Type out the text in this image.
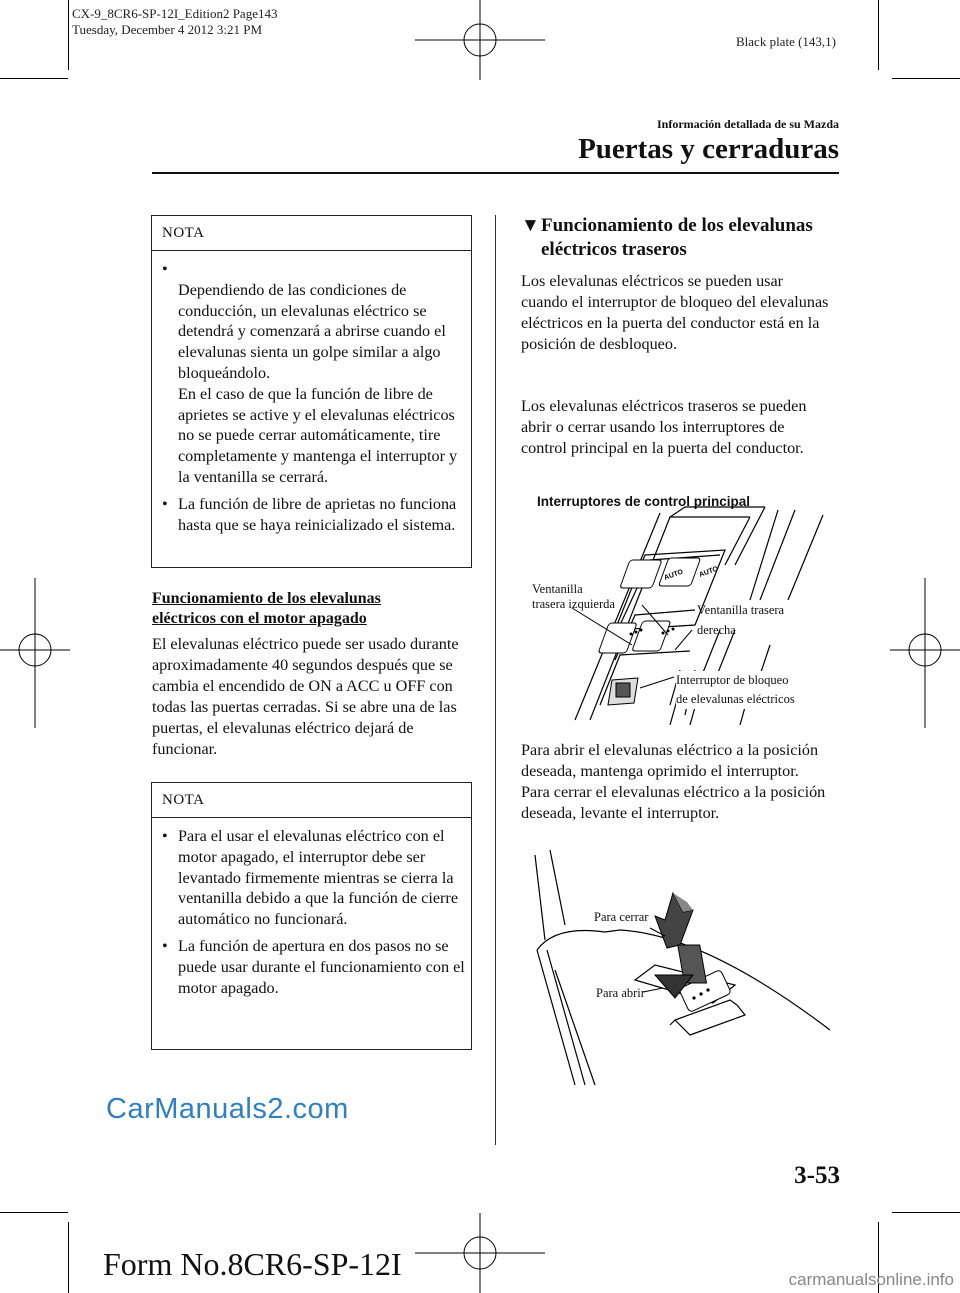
CX-9_8CR6-SP-12I_Edition2 Page143
Tuesday, December 4 2012 3:21 PM
Black plate (143,1)
Información detallada de su Mazda
Puertas y cerraduras
NOTA

•
Dependiendo de las condiciones de conducción, un elevalunas eléctrico se detendrá y comenzará a abrirse cuando el elevalunas sienta un golpe similar a algo bloqueándolo.
En el caso de que la función de libre de aprietes se active y el elevalunas eléctricos no se puede cerrar automáticamente, tire completamente y mantenga el interruptor y la ventanilla se cerrará.

• La función de libre de aprietas no funciona hasta que se haya reinicializado el sistema.
Funcionamiento de los elevalunas eléctricos con el motor apagado
El elevalunas eléctrico puede ser usado durante aproximadamente 40 segundos después que se cambia el encendido de ON a ACC u OFF con todas las puertas cerradas. Si se abre una de las puertas, el elevalunas eléctrico dejará de funcionar.
NOTA
• Para el usar el elevalunas eléctrico con el motor apagado, el interruptor debe ser levantado firmemente mientras se cierra la ventanilla debido a que la función de cierre automático no funcionará.
• La función de apertura en dos pasos no se puede usar durante el funcionamiento con el motor apagado.
▼ Funcionamiento de los elevalunas eléctricos traseros
Los elevalunas eléctricos se pueden usar cuando el interruptor de bloqueo del elevalunas eléctricos en la puerta del conductor está en la posición de desbloqueo.
Los elevalunas eléctricos traseros se pueden abrir o cerrar usando los interruptores de control principal en la puerta del conductor.
Interruptores de control principal
AUTO AUTO
Ventanilla
trasera izquierda	Ventanilla trasera
derecha
Interruptor de bloqueo
de elevalunas eléctricos
Para abrir el elevalunas eléctrico a la posición deseada, mantenga oprimido el interruptor.
Para cerrar el elevalunas eléctrico a la posición deseada, levante el interruptor.
Para cerrar
Para abrir
CarManuals2.com
3-53
Form No.8CR6-SP-12I	carmanualsonline.info
